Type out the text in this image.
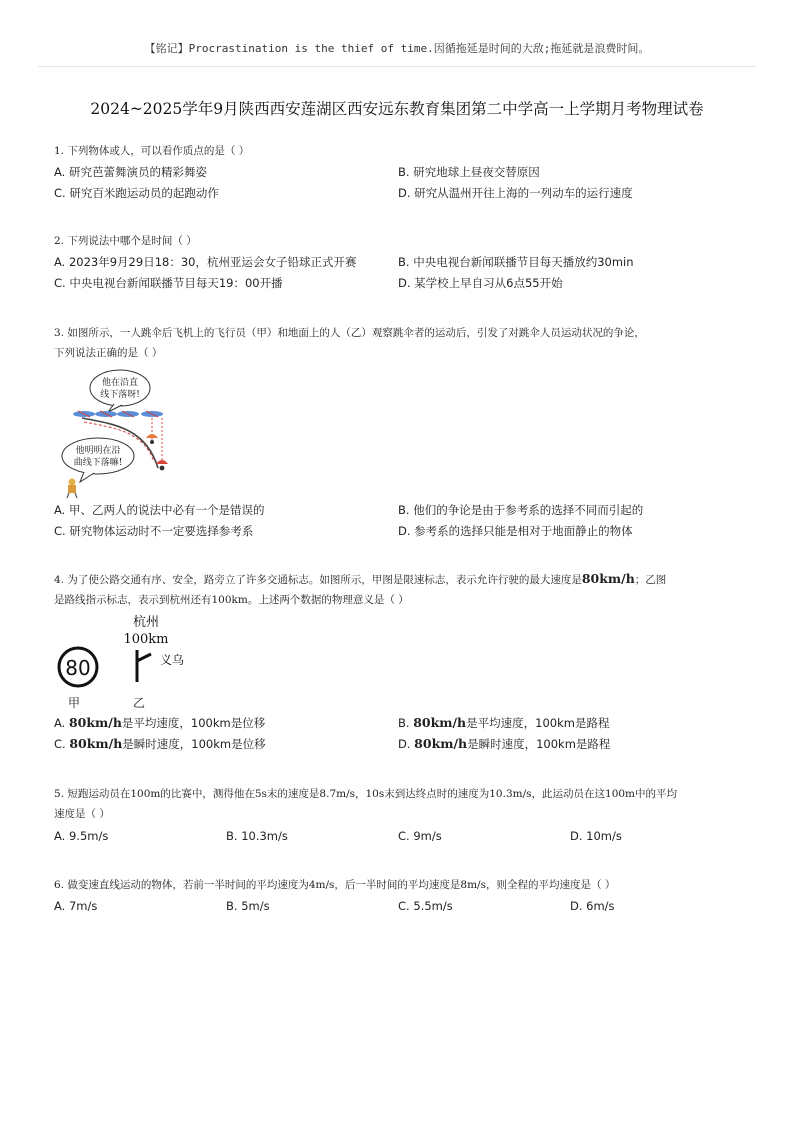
【铭记】Procrastination is the thief of time.因循拖延是时间的大敌;拖延就是浪费时间。
2024~2025学年9月陕西西安莲湖区西安远东教育集团第二中学高一上学期月考物理试卷
1. 下列物体或人，可以看作质点的是（ ）
A. 研究芭蕾舞演员的精彩舞姿	B. 研究地球上昼夜交替原因
C. 研究百米跑运动员的起跑动作	D. 研究从温州开往上海的一列动车的运行速度
2. 下列说法中哪个是时间（ ）
A. 2023年9月29日18：30，杭州亚运会女子铅球正式开赛	B. 中央电视台新闻联播节目每天播放约30min
C. 中央电视台新闻联播节目每天19：00开播	D. 某学校上早自习从6点55开始
3. 如图所示，一人跳伞后飞机上的飞行员（甲）和地面上的人（乙）观察跳伞者的运动后，引发了对跳伞人员运动状况的争论，
下列说法正确的是（ ）
他在沿直
线下落呀!
他明明在沿
曲线下落嘛!
A. 甲、乙两人的说法中必有一个是错误的	B. 他们的争论是由于参考系的选择不同而引起的
C. 研究物体运动时不一定要选择参考系	D. 参考系的选择只能是相对于地面静止的物体
4. 为了使公路交通有序、安全，路旁立了许多交通标志。如图所示，甲图是限速标志，表示允许行驶的最大速度是80km/h；乙图
是路线指示标志，表示到杭州还有100km。上述两个数据的物理意义是（ ）
80
甲
杭州
100km
义乌
乙
A. 80km/h是平均速度，100km是位移	B. 80km/h是平均速度，100km是路程
C. 80km/h是瞬时速度，100km是位移	D. 80km/h是瞬时速度，100km是路程
5. 短跑运动员在100m的比赛中，测得他在5s末的速度是8.7m/s，10s末到达终点时的速度为10.3m/s，此运动员在这100m中的平均
速度是（ ）
A. 9.5m/s	B. 10.3m/s	C. 9m/s	D. 10m/s
6. 做变速直线运动的物体，若前一半时间的平均速度为4m/s，后一半时间的平均速度是8m/s，则全程的平均速度是（ ）
A. 7m/s	B. 5m/s	C. 5.5m/s	D. 6m/s
